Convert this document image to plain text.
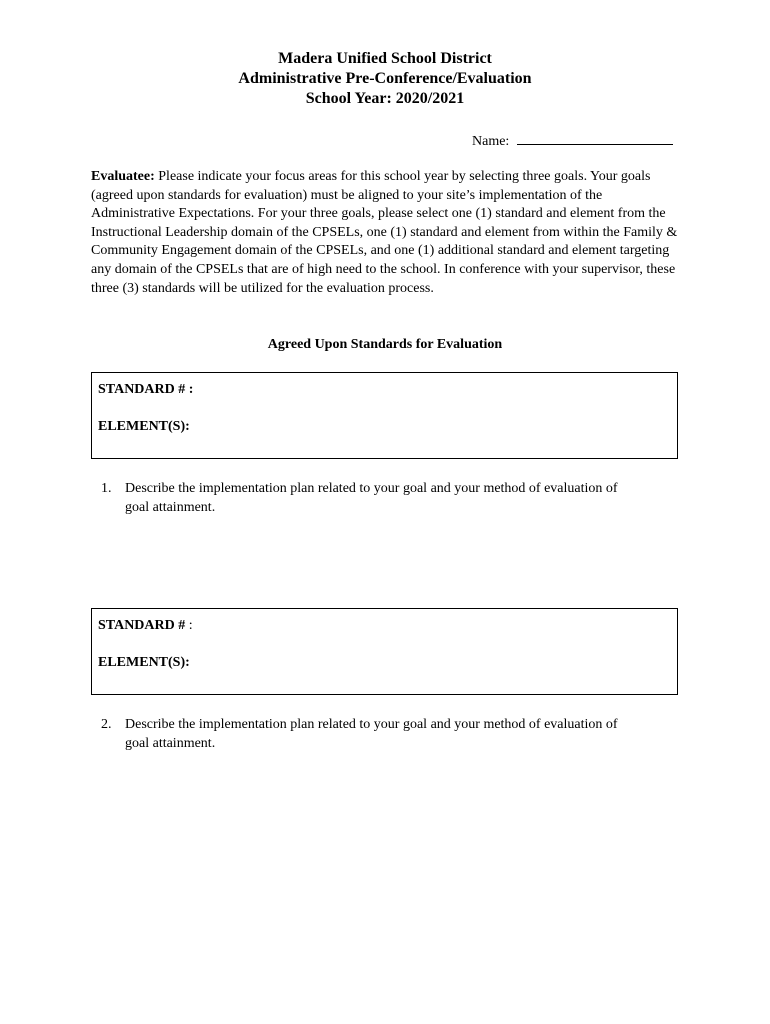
Madera Unified School District
Administrative Pre-Conference/Evaluation
School Year: 2020/2021
Name:
Evaluatee: Please indicate your focus areas for this school year by selecting three goals. Your goals (agreed upon standards for evaluation) must be aligned to your site’s implementation of the Administrative Expectations. For your three goals, please select one (1) standard and element from the Instructional Leadership domain of the CPSELs, one (1) standard and element from within the Family & Community Engagement domain of the CPSELs, and one (1) additional standard and element targeting any domain of the CPSELs that are of high need to the school. In conference with your supervisor, these three (3) standards will be utilized for the evaluation process.
Agreed Upon Standards for Evaluation
STANDARD # :
ELEMENT(S):
1. Describe the implementation plan related to your goal and your method of evaluation of
goal attainment.
STANDARD # :
ELEMENT(S):
2. Describe the implementation plan related to your goal and your method of evaluation of
goal attainment.
